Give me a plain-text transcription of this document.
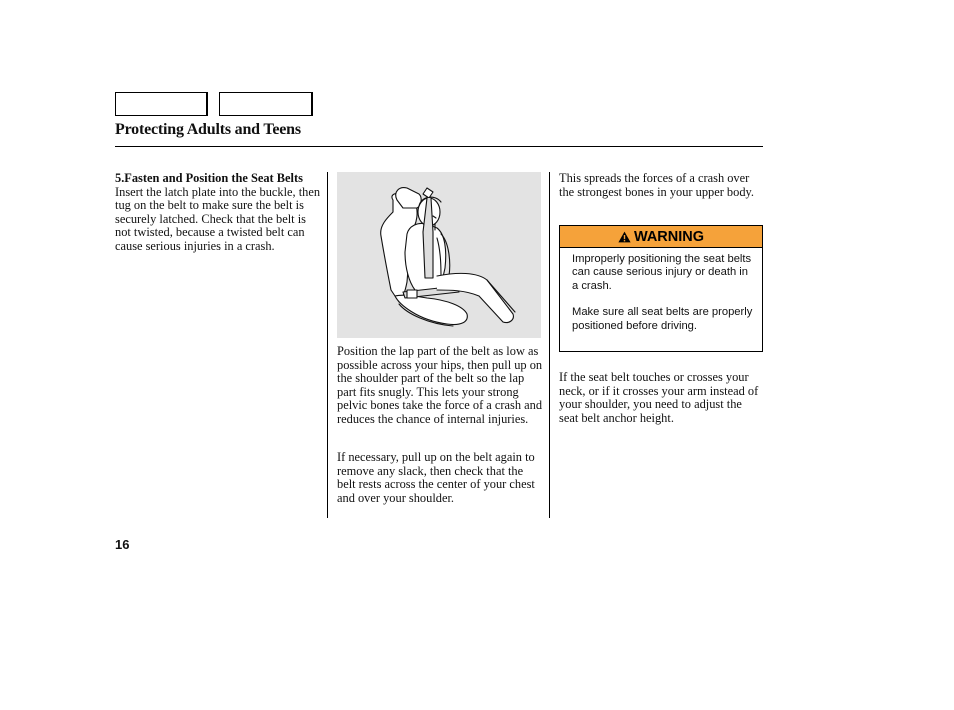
Protecting Adults and Teens

5.Fasten and Position the Seat Belts

Insert the latch plate into the buckle, then tug on the belt to make sure the belt is securely latched. Check that the belt is not twisted, because a twisted belt can cause serious injuries in a crash.

Position the lap part of the belt as low as possible across your hips, then pull up on the shoulder part of the belt so the lap part fits snugly. This lets your strong pelvic bones take the force of a crash and reduces the chance of internal injuries.

If necessary, pull up on the belt again to remove any slack, then check that the belt rests across the center of your chest and over your shoulder.

This spreads the forces of a crash over the strongest bones in your upper body.

WARNING

Improperly positioning the seat belts can cause serious injury or death in a crash.

Make sure all seat belts are properly positioned before driving.

If the seat belt touches or crosses your neck, or if it crosses your arm instead of your shoulder, you need to adjust the seat belt anchor height.

16
